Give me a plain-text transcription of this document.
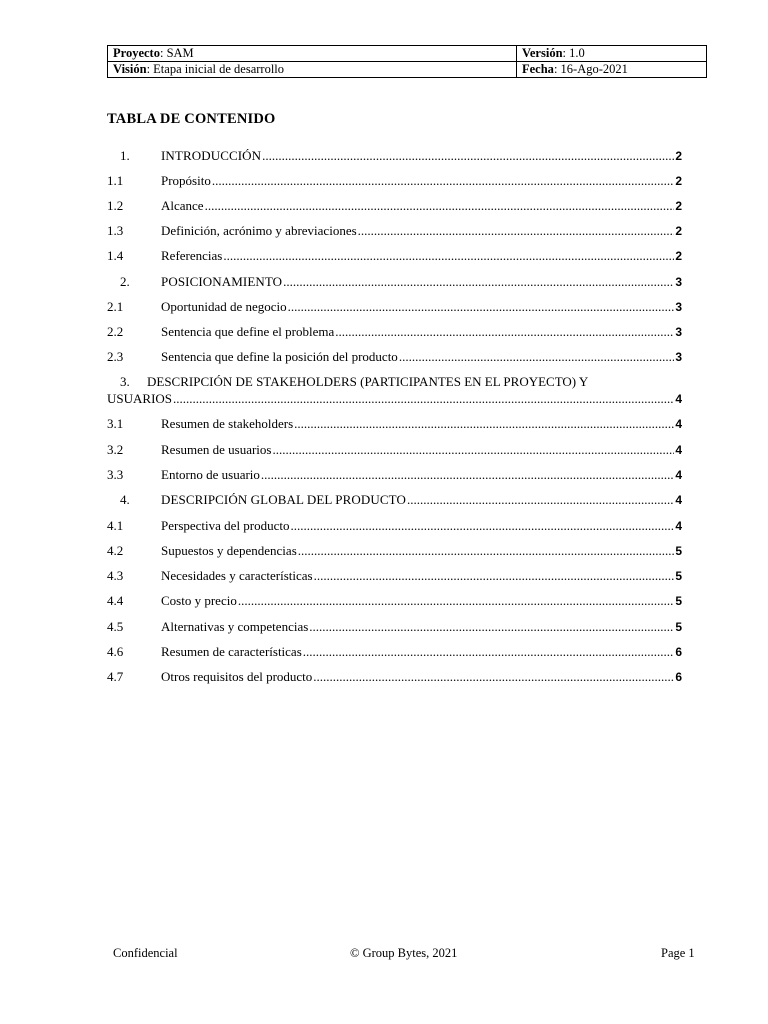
Proyecto: SAM	Versión: 1.0
Visión: Etapa inicial de desarrollo	Fecha: 16-Ago-2021
TABLA DE CONTENIDO
1.	INTRODUCCIÓN .....	2
1.1	Propósito .....	2
1.2	Alcance .....	2
1.3	Definición, acrónimo y abreviaciones .....	2
1.4	Referencias .....	2
2.	POSICIONAMIENTO .....	3
2.1	Oportunidad de negocio .....	3
2.2	Sentencia que define el problema .....	3
2.3	Sentencia que define la posición del producto .....	3
3. DESCRIPCIÓN DE STAKEHOLDERS (PARTICIPANTES EN EL PROYECTO) Y
USUARIOS .....	4
3.1	Resumen de stakeholders .....	4
3.2	Resumen de usuarios .....	4
3.3	Entorno de usuario .....	4
4.	DESCRIPCIÓN GLOBAL DEL PRODUCTO .....	4
4.1	Perspectiva del producto .....	4
4.2	Supuestos y dependencias .....	5
4.3	Necesidades y características .....	5
4.4	Costo y precio .....	5
4.5	Alternativas y competencias .....	5
4.6	Resumen de características .....	6
4.7	Otros requisitos del producto .....	6
Confidencial	© Group Bytes, 2021	Page 1
